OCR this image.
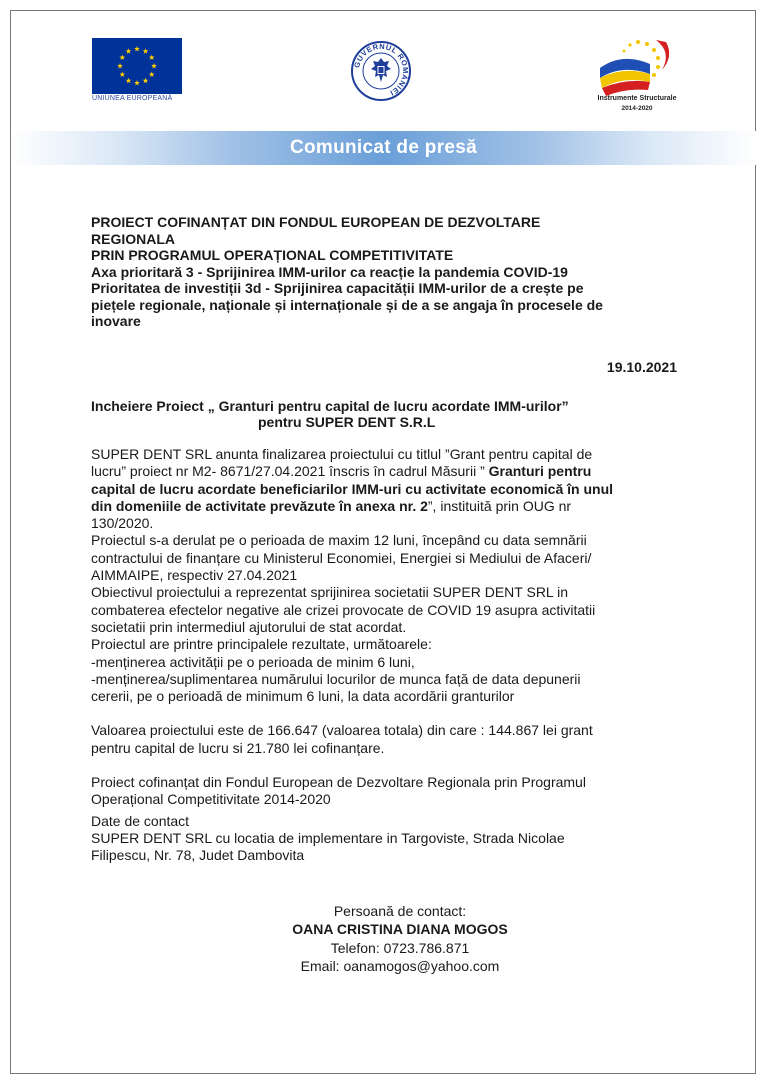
UNIUNEA EUROPEANĂ
GUVERNUL ROMÂNIEI
Instrumente Structurale
2014-2020
Comunicat de presă
PROIECT COFINANȚAT DIN FONDUL EUROPEAN DE DEZVOLTARE
REGIONALA
PRIN PROGRAMUL OPERAȚIONAL COMPETITIVITATE
Axa prioritară 3 - Sprijinirea IMM-urilor ca reacție la pandemia COVID-19
Prioritatea de investiții 3d - Sprijinirea capacității IMM-urilor de a crește pe
piețele regionale, naționale și internaționale și de a se angaja în procesele de
inovare
19.10.2021
Incheiere Proiect „ Granturi pentru capital de lucru acordate IMM-urilor”
pentru SUPER DENT S.R.L

SUPER DENT SRL anunta finalizarea proiectului cu titlul ”Grant pentru capital de

lucru” proiect nr M2- 8671/27.04.2021 înscris în cadrul Măsurii ” Granturi pentru

capital de lucru acordate beneficiarilor IMM-uri cu activitate economică în unul

din domeniile de activitate prevăzute în anexa nr. 2”, instituită prin OUG nr

130/2020.

Proiectul s-a derulat pe o perioada de maxim 12 luni, începând cu data semnării

contractului de finanțare cu Ministerul Economiei, Energiei si Mediului de Afaceri/

AIMMAIPE, respectiv 27.04.2021

Obiectivul proiectului a reprezentat sprijinirea societatii SUPER DENT SRL in

combaterea efectelor negative ale crizei provocate de COVID 19 asupra activitatii

societatii prin intermediul ajutorului de stat acordat.

Proiectul are printre principalele rezultate, următoarele:

-menținerea activității pe o perioada de minim 6 luni,

-menținerea/suplimentarea numărului locurilor de munca față de data depunerii

cererii, pe o perioadă de minimum 6 luni, la data acordării granturilor

Valoarea proiectului este de 166.647 (valoarea totala) din care : 144.867 lei grant

pentru capital de lucru si 21.780 lei cofinanțare.

Proiect cofinanțat din Fondul European de Dezvoltare Regionala prin Programul

Operațional Competitivitate 2014-2020

Date de contact

SUPER DENT SRL cu locatia de implementare in Targoviste, Strada Nicolae

Filipescu, Nr. 78, Judet Dambovita

Persoană de contact:
OANA CRISTINA DIANA MOGOS
Telefon: 0723.786.871
Email: oanamogos@yahoo.com
